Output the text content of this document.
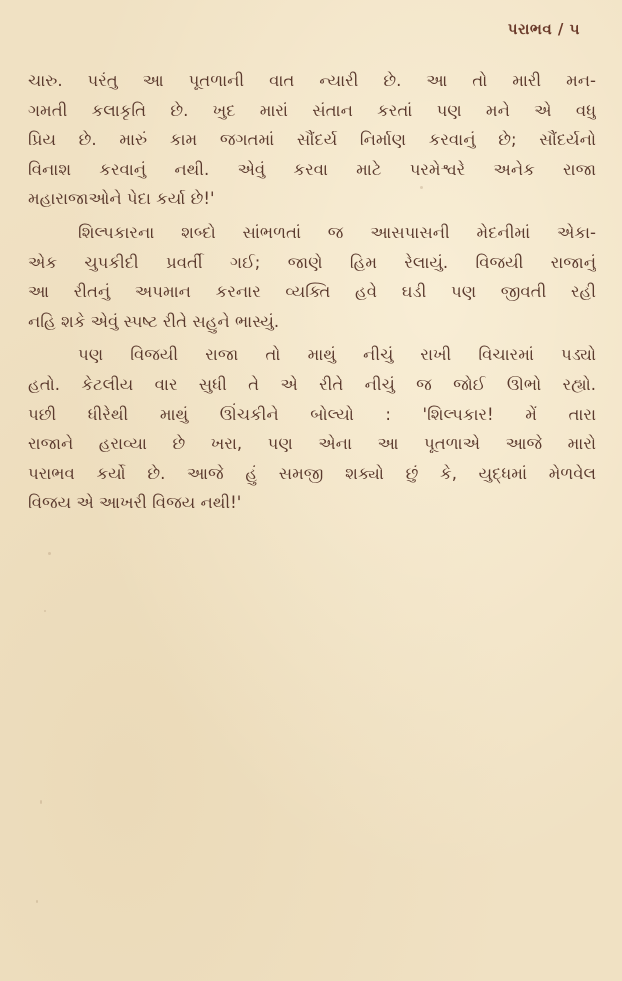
પરાભવ / ૫
ચારુ. પરંતુ આ પૂતળાની વાત ન્યારી છે. આ તો મારી મન-
ગમતી કલાકૃતિ છે. ખુદ મારાં સંતાન કરતાં પણ મને એ વધુ
પ્રિય છે. મારું કામ જગતમાં સૌંદર્ય નિર્માણ કરવાનું છે; સૌંદર્યનો
વિનાશ કરવાનું નથી. એવું કરવા માટે પરમેશ્વરે અનેક રાજા
મહારાજાઓને પેદા કર્યા છે!'
શિલ્પકારના શબ્દો સાંભળતાં જ આસપાસની મેદનીમાં એકા-
એક ચુપકીદી પ્રવર્તી ગઈ; જાણે હિમ રેલાયું. વિજયી રાજાનું
આ રીતનું અપમાન કરનાર વ્યક્તિ હવે ઘડી પણ જીવતી રહી
નહિ શકે એવું સ્પષ્ટ રીતે સહુને ભાસ્યું.
પણ વિજયી રાજા તો માથું નીચું રાખી વિચારમાં પડ્યો
હતો. કેટલીય વાર સુધી તે એ રીતે નીચું જ જોઈ ઊભો રહ્યો.
પછી ધીરેથી માથું ઊંચકીને બોલ્યો : 'શિલ્પકાર! મેં તારા
રાજાને હરાવ્યા છે ખરા, પણ એના આ પૂતળાએ આજે મારો
પરાભવ કર્યો છે. આજે હું સમજી શક્યો છું કે, યુદ્ધમાં મેળવેલ
વિજય એ આખરી વિજય નથી!'
